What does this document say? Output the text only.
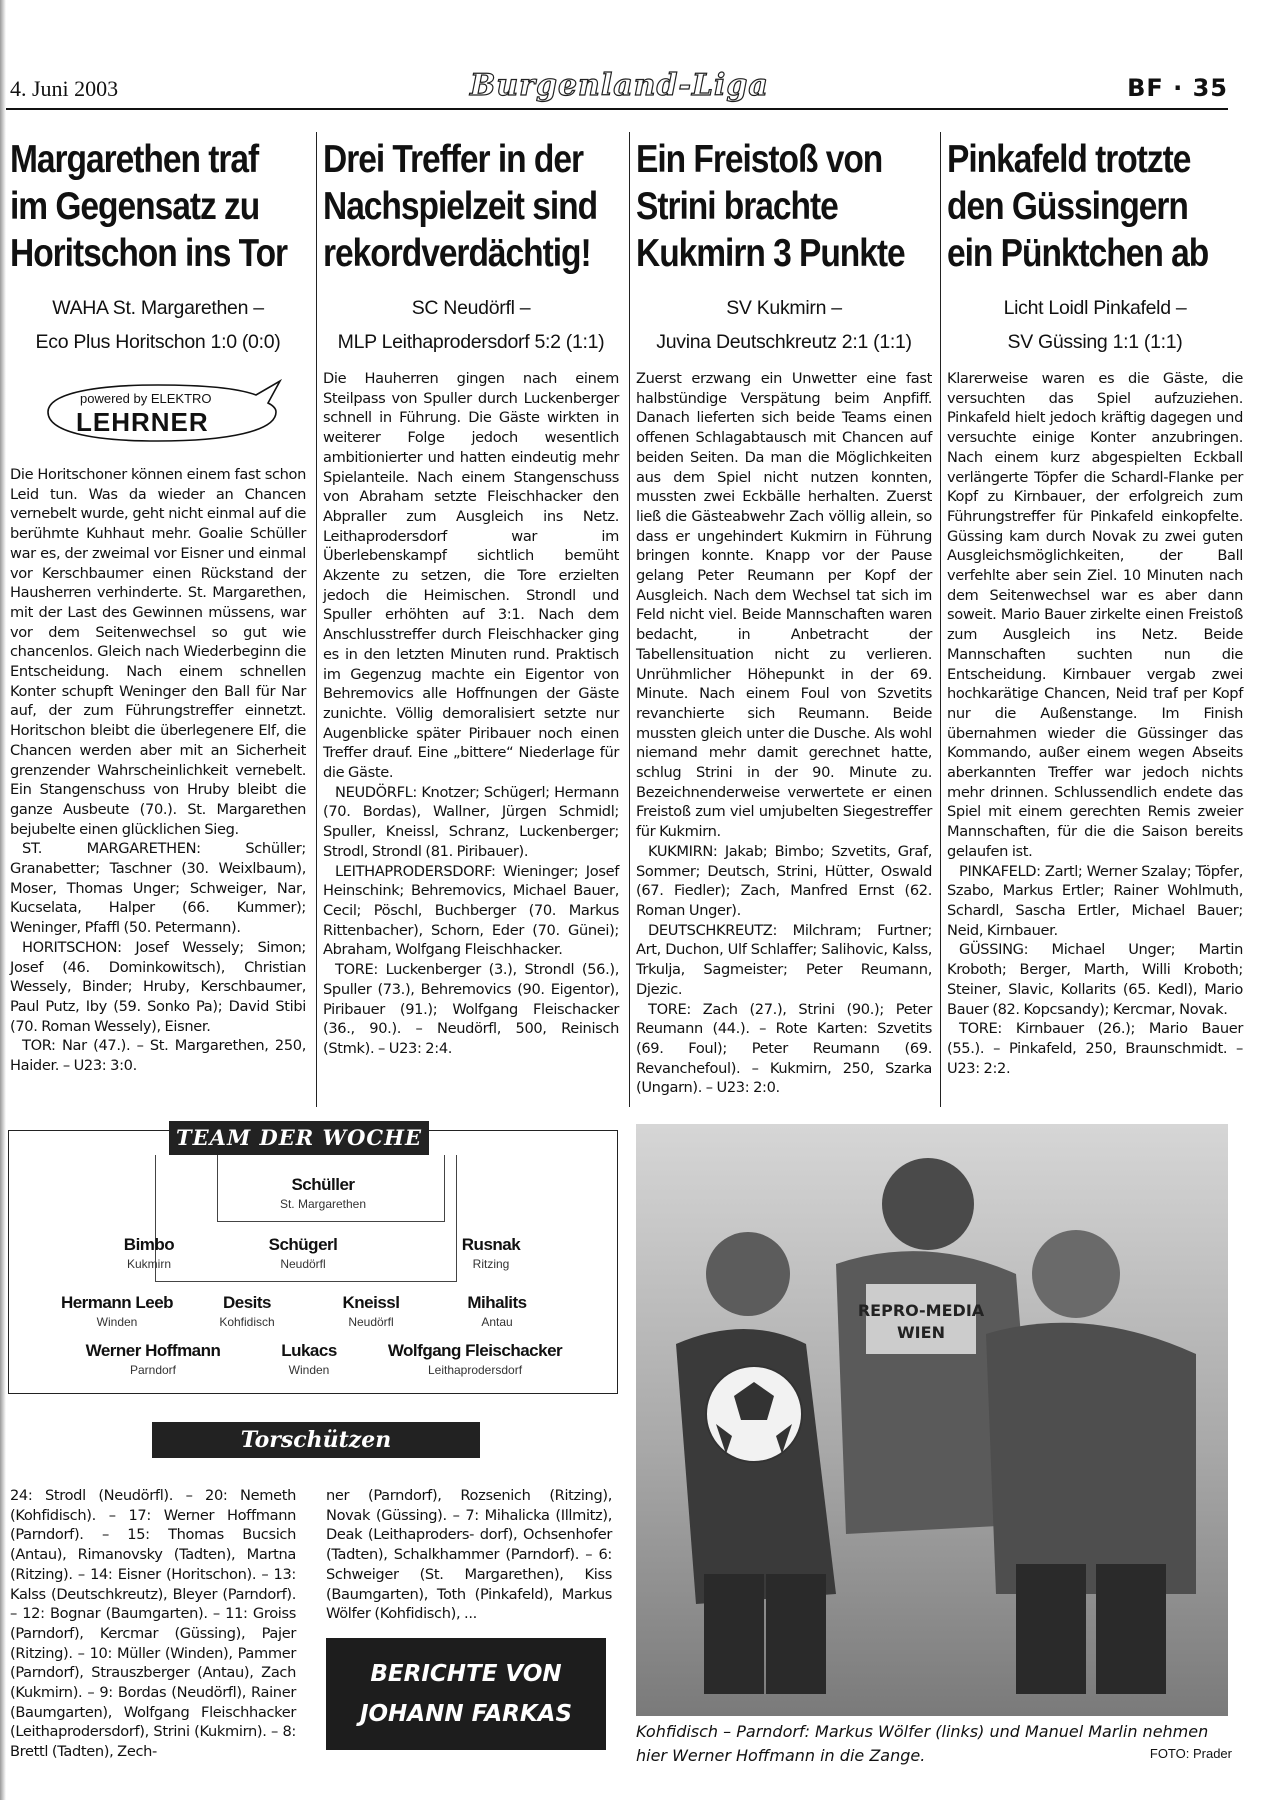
4. Juni 2003	Burgenland-Liga	BF · 35
Margarethen traf
im Gegensatz zu
Horitschon ins Tor
WAHA St. Margarethen –
Eco Plus Horitschon 1:0 (0:0)
powered by ELEKTRO
LEHRNER

Die Horitschoner können einem fast schon Leid tun. Was da wieder an Chancen vernebelt wurde, geht nicht einmal auf die berühmte Kuhhaut mehr. Goalie Schüller war es, der zweimal vor Eisner und einmal vor Kerschbaumer einen Rückstand der Hausherren verhinderte. St. Margarethen, mit der Last des Gewinnen müssens, war vor dem Seitenwechsel so gut wie chancenlos. Gleich nach Wiederbeginn die Entscheidung. Nach einem schnellen Konter schupft Weninger den Ball für Nar auf, der zum Führungstreffer einnetzt. Horitschon bleibt die überlegenere Elf, die Chancen werden aber mit an Sicherheit grenzender Wahrscheinlichkeit vernebelt. Ein Stangenschuss von Hruby bleibt die ganze Ausbeute (70.). St. Margarethen bejubelte einen glücklichen Sieg.

ST. MARGARETHEN: Schüller; Granabetter; Taschner (30. Weixlbaum), Moser, Thomas Unger; Schweiger, Nar, Kucselata, Halper (66. Kummer); Weninger, Pfaffl (50. Petermann).

HORITSCHON: Josef Wessely; Simon; Josef (46. Dominkowitsch), Christian Wessely, Binder; Hruby, Kerschbaumer, Paul Putz, Iby (59. Sonko Pa); David Stibi (70. Roman Wessely), Eisner.

TOR: Nar (47.). – St. Margarethen, 250, Haider. – U23: 3:0.

Drei Treffer in der
Nachspielzeit sind
rekordverdächtig!
SC Neudörfl –
MLP Leithaprodersdorf 5:2 (1:1)

Die Hauherren gingen nach einem Steilpass von Spuller durch Luckenberger schnell in Führung. Die Gäste wirkten in weiterer Folge jedoch wesentlich ambitionierter und hatten eindeutig mehr Spielanteile. Nach einem Stangenschuss von Abraham setzte Fleischhacker den Abpraller zum Ausgleich ins Netz. Leithaprodersdorf war im Überlebenskampf sichtlich bemüht Akzente zu setzen, die Tore erzielten jedoch die Heimischen. Strondl und Spuller erhöhten auf 3:1. Nach dem Anschlusstreffer durch Fleischhacker ging es in den letzten Minuten rund. Praktisch im Gegenzug machte ein Eigentor von Behremovics alle Hoffnungen der Gäste zunichte. Völlig demoralisiert setzte nur Augenblicke später Piribauer noch einen Treffer drauf. Eine „bittere“ Niederlage für die Gäste.

NEUDÖRFL: Knotzer; Schügerl; Hermann (70. Bordas), Wallner, Jürgen Schmidl; Spuller, Kneissl, Schranz, Luckenberger; Strodl, Strondl (81. Piribauer).

LEITHAPRODERSDORF: Wieninger; Josef Heinschink; Behremovics, Michael Bauer, Cecil; Pöschl, Buchberger (70. Markus Rittenbacher), Schorn, Eder (70. Günei); Abraham, Wolfgang Fleischhacker.

TORE: Luckenberger (3.), Strondl (56.), Spuller (73.), Behremovics (90. Eigentor), Piribauer (91.); Wolfgang Fleischacker (36., 90.). – Neudörfl, 500, Reinisch (Stmk). – U23: 2:4.

Ein Freistoß von
Strini brachte
Kukmirn 3 Punkte
SV Kukmirn –
Juvina Deutschkreutz 2:1 (1:1)

Zuerst erzwang ein Unwetter eine fast halbstündige Verspätung beim Anpfiff. Danach lieferten sich beide Teams einen offenen Schlagabtausch mit Chancen auf beiden Seiten. Da man die Möglichkeiten aus dem Spiel nicht nutzen konnten, mussten zwei Eckbälle herhalten. Zuerst ließ die Gästeabwehr Zach völlig allein, so dass er ungehindert Kukmirn in Führung bringen konnte. Knapp vor der Pause gelang Peter Reumann per Kopf der Ausgleich. Nach dem Wechsel tat sich im Feld nicht viel. Beide Mannschaften waren bedacht, in Anbetracht der Tabellensituation nicht zu verlieren. Unrühmlicher Höhepunkt in der 69. Minute. Nach einem Foul von Szvetits revanchierte sich Reumann. Beide mussten gleich unter die Dusche. Als wohl niemand mehr damit gerechnet hatte, schlug Strini in der 90. Minute zu. Bezeichnenderweise verwertete er einen Freistoß zum viel umjubelten Siegestreffer für Kukmirn.

KUKMIRN: Jakab; Bimbo; Szvetits, Graf, Sommer; Deutsch, Strini, Hütter, Oswald (67. Fiedler); Zach, Manfred Ernst (62. Roman Unger).

DEUTSCHKREUTZ: Milchram; Furtner; Art, Duchon, Ulf Schlaffer; Salihovic, Kalss, Trkulja, Sagmeister; Peter Reumann, Djezic.

TORE: Zach (27.), Strini (90.); Peter Reumann (44.). – Rote Karten: Szvetits (69. Foul); Peter Reumann (69. Revanchefoul). – Kukmirn, 250, Szarka (Ungarn). – U23: 2:0.

Pinkafeld trotzte
den Güssingern
ein Pünktchen ab
Licht Loidl Pinkafeld –
SV Güssing 1:1 (1:1)

Klarerweise waren es die Gäste, die versuchten das Spiel aufzuziehen. Pinkafeld hielt jedoch kräftig dagegen und versuchte einige Konter anzubringen. Nach einem kurz abgespielten Eckball verlängerte Töpfer die Schardl-Flanke per Kopf zu Kirnbauer, der erfolgreich zum Führungstreffer für Pinkafeld einkopfelte. Güssing kam durch Novak zu zwei guten Ausgleichsmöglichkeiten, der Ball verfehlte aber sein Ziel. 10 Minuten nach dem Seitenwechsel war es aber dann soweit. Mario Bauer zirkelte einen Freistoß zum Ausgleich ins Netz. Beide Mannschaften suchten nun die Entscheidung. Kirnbauer vergab zwei hochkarätige Chancen, Neid traf per Kopf nur die Außenstange. Im Finish übernahmen wieder die Güssinger das Kommando, außer einem wegen Abseits aberkannten Treffer war jedoch nichts mehr drinnen. Schlussendlich endete das Spiel mit einem gerechten Remis zweier Mannschaften, für die die Saison bereits gelaufen ist.

PINKAFELD: Zartl; Werner Szalay; Töpfer, Szabo, Markus Ertler; Rainer Wohlmuth, Schardl, Sascha Ertler, Michael Bauer; Neid, Kirnbauer.

GÜSSING: Michael Unger; Martin Kroboth; Berger, Marth, Willi Kroboth; Steiner, Slavic, Kollarits (65. Kedl), Mario Bauer (82. Kopcsandy); Kercmar, Novak.

TORE: Kirnbauer (26.); Mario Bauer (55.). – Pinkafeld, 250, Braunschmidt. – U23: 2:2.

TEAM DER WOCHE
Schüller
St. Margarethen
Bimbo
Kukmirn
Schügerl
Neudörfl
Rusnak
Ritzing
Hermann Leeb
Winden
Desits
Kohfidisch
Kneissl
Neudörfl
Mihalits
Antau
Werner Hoffmann
Parndorf
Lukacs
Winden
Wolfgang Fleischacker
Leithaprodersdorf
Torschützen
24: Strodl (Neudörfl). – 20: Nemeth (Kohfidisch). – 17: Werner Hoffmann (Parndorf). – 15: Thomas Bucsich (Antau), Rimanovsky (Tadten), Martna (Ritzing). – 14: Eisner (Horitschon). – 13: Kalss (Deutschkreutz), Bleyer (Parndorf). – 12: Bognar (Baumgarten). – 11: Groiss (Parndorf), Kercmar (Güssing), Pajer (Ritzing). – 10: Müller (Winden), Pammer (Parndorf), Strauszberger (Antau), Zach (Kukmirn). – 9: Bordas (Neudörfl), Rainer (Baumgarten), Wolfgang Fleischhacker (Leithaprodersdorf), Strini (Kukmirn). – 8: Brettl (Tadten), Zech-
ner (Parndorf), Rozsenich (Ritzing), Novak (Güssing). – 7: Mihalicka (Illmitz), Deak (Leithaproders- dorf), Ochsenhofer (Tadten), Schalkhammer (Parndorf). – 6: Schweiger (St. Margarethen), Kiss (Baumgarten), Toth (Pinkafeld), Markus Wölfer (Kohfidisch), ...
BERICHTE VON
JOHANN FARKAS
REPRO-MEDIA
WIEN
Kohfidisch – Parndorf: Markus Wölfer (links) und Manuel Marlin nehmen hier Werner Hoffmann in die Zange.	FOTO: Prader
